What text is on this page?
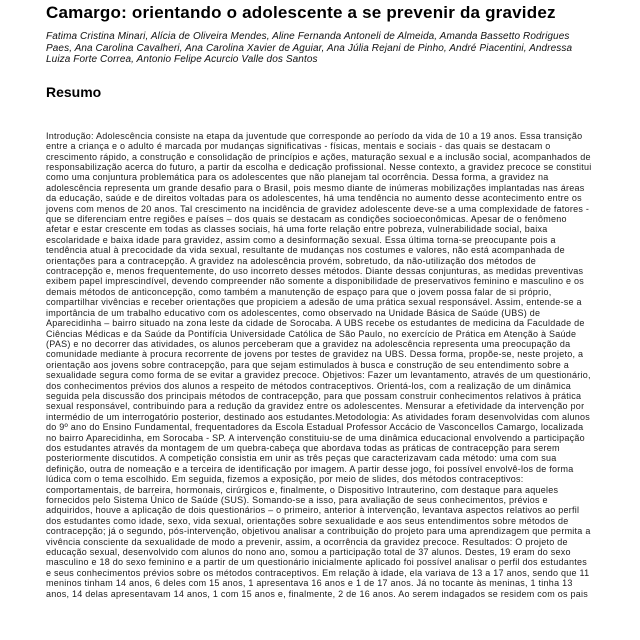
Camargo: orientando o adolescente a se prevenir da gravidez

Fatima Cristina Minari, Alícia de Oliveira Mendes, Aline Fernanda Antoneli de Almeida, Amanda Bassetto Rodrigues Paes, Ana Carolina Cavalheri, Ana Carolina Xavier de Aguiar, Ana Júlia Rejani de Pinho, André Piacentini, Andressa Luiza Forte Correa, Antonio Felipe Acurcio Valle dos Santos

Resumo

Introdução: Adolescência consiste na etapa da juventude que corresponde ao período da vida de 10 a 19 anos. Essa transição entre a criança e o adulto é marcada por mudanças significativas - físicas, mentais e sociais - das quais se destacam o crescimento rápido, a construção e consolidação de princípios e ações, maturação sexual e a inclusão social, acompanhados de responsabilização acerca do futuro, a partir da escolha e dedicação profissional. Nesse contexto, a gravidez precoce se constitui como uma conjuntura problemática para os adolescentes que não planejam tal ocorrência. Dessa forma, a gravidez na adolescência representa um grande desafio para o Brasil, pois mesmo diante de inúmeras mobilizações implantadas nas áreas da educação, saúde e de direitos voltadas para os adolescentes, há uma tendência no aumento desse acontecimento entre os jovens com menos de 20 anos. Tal crescimento na incidência de gravidez adolescente deve-se a uma complexidade de fatores - que se diferenciam entre regiões e países – dos quais se destacam as condições socioeconômicas. Apesar de o fenômeno afetar e estar crescente em todas as classes sociais, há uma forte relação entre pobreza, vulnerabilidade social, baixa escolaridade e baixa idade para gravidez, assim como a desinformação sexual. Essa última torna-se preocupante pois a tendência atual à precocidade da vida sexual, resultante de mudanças nos costumes e valores, não está acompanhada de orientações para a contracepção. A gravidez na adolescência provém, sobretudo, da não-utilização dos métodos de contracepção e, menos frequentemente, do uso incorreto desses métodos. Diante dessas conjunturas, as medidas preventivas exibem papel imprescindível, devendo compreender não somente a disponibilidade de preservativos feminino e masculino e os demais métodos de anticoncepção, como também a manutenção de espaço para que o jovem possa falar de si próprio, compartilhar vivências e receber orientações que propiciem a adesão de uma prática sexual responsável. Assim, entende-se a importância de um trabalho educativo com os adolescentes, como observado na Unidade Básica de Saúde (UBS) de Aparecidinha – bairro situado na zona leste da cidade de Sorocaba. A UBS recebe os estudantes de medicina da Faculdade de Ciências Médicas e da Saúde da Pontifícia Universidade Católica de São Paulo, no exercício de Prática em Atenção à Saúde (PAS) e no decorrer das atividades, os alunos perceberam que a gravidez na adolescência representa uma preocupação da comunidade mediante à procura recorrente de jovens por testes de gravidez na UBS. Dessa forma, propõe-se, neste projeto, a orientação aos jovens sobre contracepção, para que sejam estimulados à busca e construção de seu entendimento sobre a sexualidade segura como forma de se evitar a gravidez precoce. Objetivos: Fazer um levantamento, através de um questionário, dos conhecimentos prévios dos alunos a respeito de métodos contraceptivos. Orientá-los, com a realização de um dinâmica seguida pela discussão dos principais métodos de contracepção, para que possam construir conhecimentos relativos à prática sexual responsável, contribuindo para a redução da gravidez entre os adolescentes. Mensurar a efetividade da intervenção por intermédio de um interrogatório posterior, destinado aos estudantes.Metodologia: As atividades foram desenvolvidas com alunos do 9º ano do Ensino Fundamental, frequentadores da Escola Estadual Professor Accácio de Vasconcellos Camargo, localizada no bairro Aparecidinha, em Sorocaba - SP. A intervenção constituiu-se de uma dinâmica educacional envolvendo a participação dos estudantes através da montagem de um quebra-cabeça que abordava todas as práticas de contracepção para serem posteriormente discutidos. A competição consistia em unir as três peças que caracterizavam cada método: uma com sua definição, outra de nomeação e a terceira de identificação por imagem. A partir desse jogo, foi possível envolvê-los de forma lúdica com o tema escolhido. Em seguida, fizemos a exposição, por meio de slides, dos métodos contraceptivos: comportamentais, de barreira, hormonais, cirúrgicos e, finalmente, o Dispositivo Intrauterino, com destaque para aqueles fornecidos pelo Sistema Único de Saúde (SUS). Somando-se a isso, para avaliação de seus conhecimentos, prévios e adquiridos, houve a aplicação de dois questionários – o primeiro, anterior à intervenção, levantava aspectos relativos ao perfil dos estudantes como idade, sexo, vida sexual, orientações sobre sexualidade e aos seus entendimentos sobre métodos de contracepção; já o segundo, pós-intervenção, objetivou analisar a contribuição do projeto para uma aprendizagem que permita a vivência consciente da sexualidade de modo a prevenir, assim, a ocorrência da gravidez precoce. Resultados: O projeto de educação sexual, desenvolvido com alunos do nono ano, somou a participação total de 37 alunos. Destes, 19 eram do sexo masculino e 18 do sexo feminino e a partir de um questionário inicialmente aplicado foi possível analisar o perfil dos estudantes e seus conhecimentos prévios sobre os métodos contraceptivos. Em relação à idade, ela variava de 13 a 17 anos, sendo que 11 meninos tinham 14 anos, 6 deles com 15 anos, 1 apresentava 16 anos e 1 de 17 anos. Já no tocante às meninas, 1 tinha 13 anos, 14 delas apresentavam 14 anos, 1 com 15 anos e, finalmente, 2 de 16 anos. Ao serem indagados se residem com os pais
